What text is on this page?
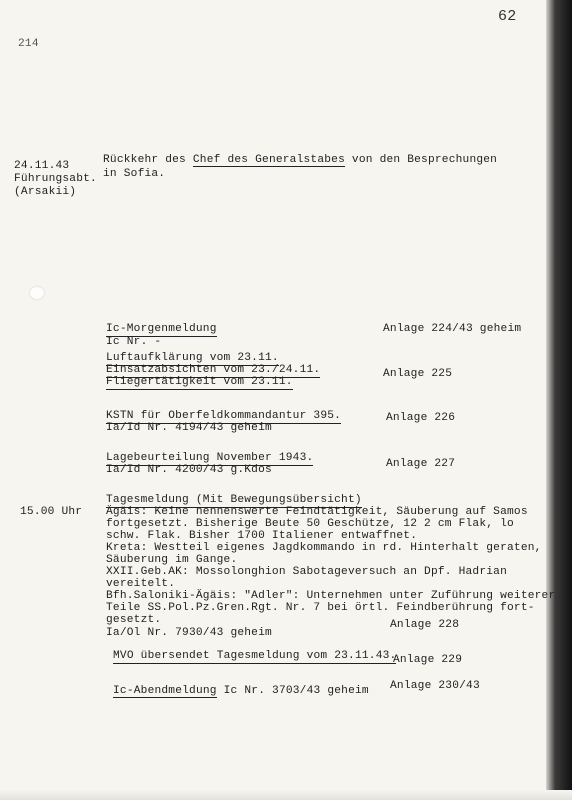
62
214
24.11.43
Führungsabt.
(Arsakii)
Rückkehr des Chef des Generalstabes von den Besprechungen
in Sofia.
Ic-Morgenmeldung
Ic Nr. -
Anlage 224/43 geheim
Luftaufklärung vom 23.11.
Einsatzabsichten vom 23./24.11.
Fliegertätigkeit vom 23.11.
Anlage 225
KSTN für Oberfeldkommandantur 395.
Ia/Id Nr. 4194/43 geheim
Anlage 226
Lagebeurteilung November 1943.
Ia/Id Nr. 4200/43 g.Kdos	Anlage 227
15.00 Uhr
Tagesmeldung (Mit Bewegungsübersicht)
Ägäis: Keine nennenswerte Feindtätigkeit, Säuberung auf Samos
fortgesetzt. Bisherige Beute 50 Geschütze, 12 2 cm Flak, lo
schw. Flak. Bisher 1700 Italiener entwaffnet.
Kreta: Westteil eigenes Jagdkommando in rd. Hinterhalt geraten,
Säuberung im Gange.
XXII.Geb.AK: Mossolonghion Sabotageversuch an Dpf. Hadrian
vereitelt.
Bfh.Saloniki-Ägäis: "Adler": Unternehmen unter Zuführung weiterer
Teile SS.Pol.Pz.Gren.Rgt. Nr. 7 bei örtl. Feindberührung fort-
gesetzt.
Ia/Ol Nr. 7930/43 geheim
Anlage 228
MVO übersendet Tagesmeldung vom 23.11.43.
Anlage 229
Ic-Abendmeldung Ic Nr. 3703/43 geheim Anlage 230/43
